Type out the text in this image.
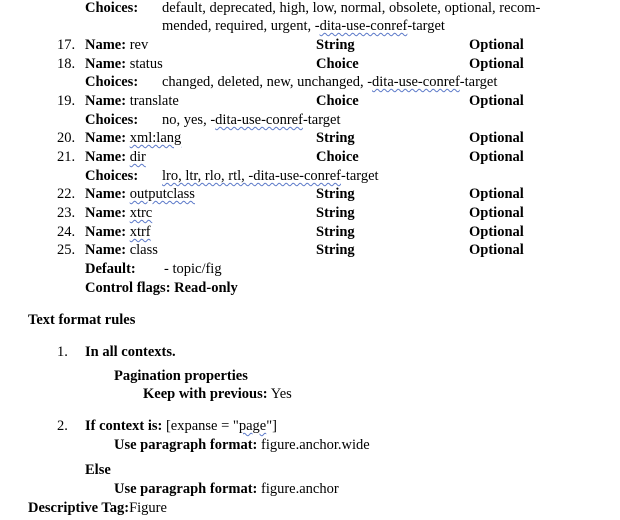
Choices: default, deprecated, high, low, normal, obsolete, optional, recom-
mended, required, urgent, -dita-use-conref-target
17. Name: rev	String	Optional
18. Name: status	Choice	Optional
Choices: changed, deleted, new, unchanged, -dita-use-conref-target
19. Name: translate	Choice	Optional
Choices: no, yes, -dita-use-conref-target
20. Name: xml:lang	String	Optional
21. Name: dir	Choice	Optional
Choices: lro, ltr, rlo, rtl, -dita-use-conref-target
22. Name: outputclass	String	Optional
23. Name: xtrc	String	Optional
24. Name: xtrf	String	Optional
25. Name: class	String	Optional
Default: - topic/fig
Control flags: Read-only
Text format rules
1. In all contexts.
Pagination properties
Keep with previous: Yes
2. If context is: [expanse = "page"]
Use paragraph format: figure.anchor.wide
Else
Use paragraph format: figure.anchor
Descriptive Tag:Figure
